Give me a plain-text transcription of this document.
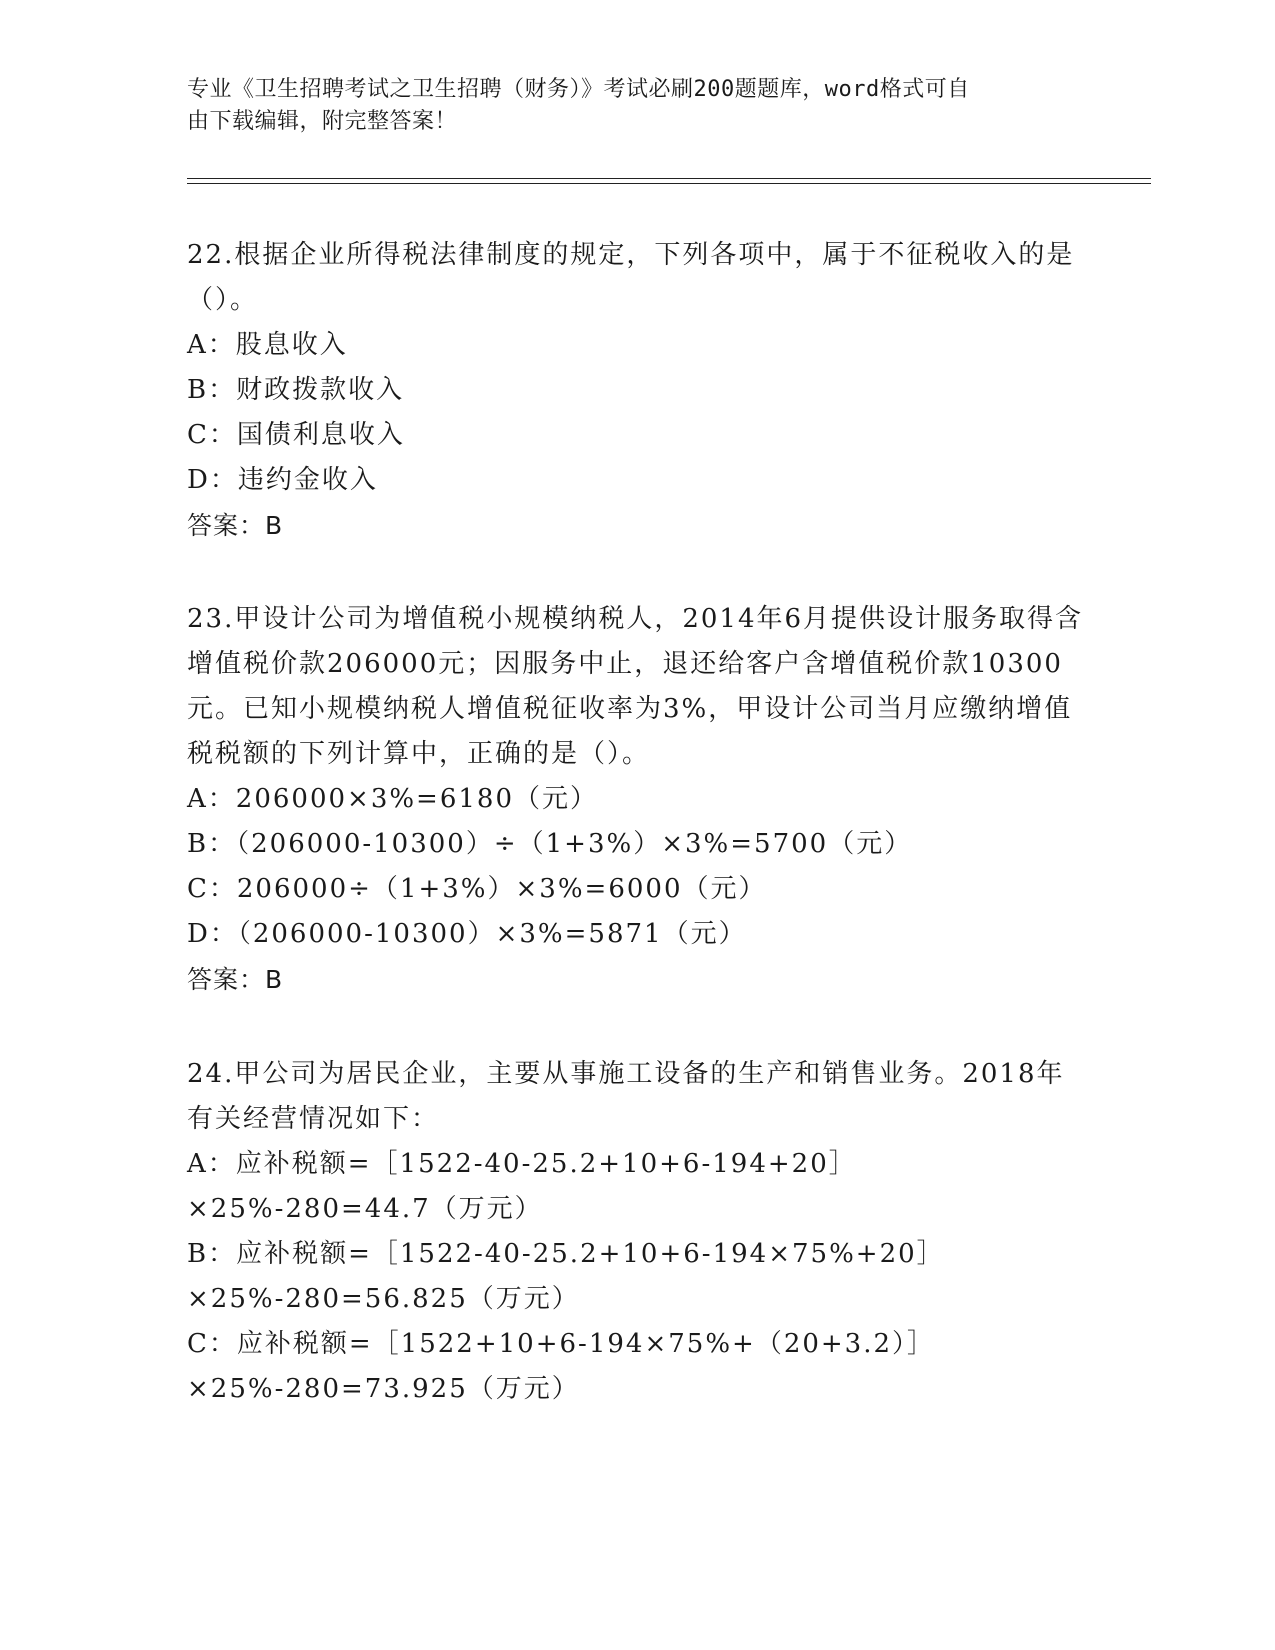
专业《卫生招聘考试之卫生招聘（财务）》考试必刷200题题库，word格式可自
由下载编辑，附完整答案！

22.根据企业所得税法律制度的规定，下列各项中，属于不征税收入的是（）。

A：股息收入

B：财政拨款收入

C：国债利息收入

D：违约金收入

答案：B

23.甲设计公司为增值税小规模纳税人，2014年6月提供设计服务取得含增值税价款206000元；因服务中止，退还给客户含增值税价款10300元。已知小规模纳税人增值税征收率为3%，甲设计公司当月应缴纳增值税税额的下列计算中，正确的是（）。

A：206000×3%=6180（元）

B：（206000-10300）÷（1+3%）×3%=5700（元）

C：206000÷（1+3%）×3%=6000（元）

D：（206000-10300）×3%=5871（元）

答案：B

24.甲公司为居民企业，主要从事施工设备的生产和销售业务。2018年有关经营情况如下：

A：应补税额=［1522-40-25.2+10+6-194+20］×25%-280=44.7（万元）

B：应补税额=［1522-40-25.2+10+6-194×75%+20］×25%-280=56.825（万元）

C：应补税额=［1522+10+6-194×75%+（20+3.2）］×25%-280=73.925（万元）
